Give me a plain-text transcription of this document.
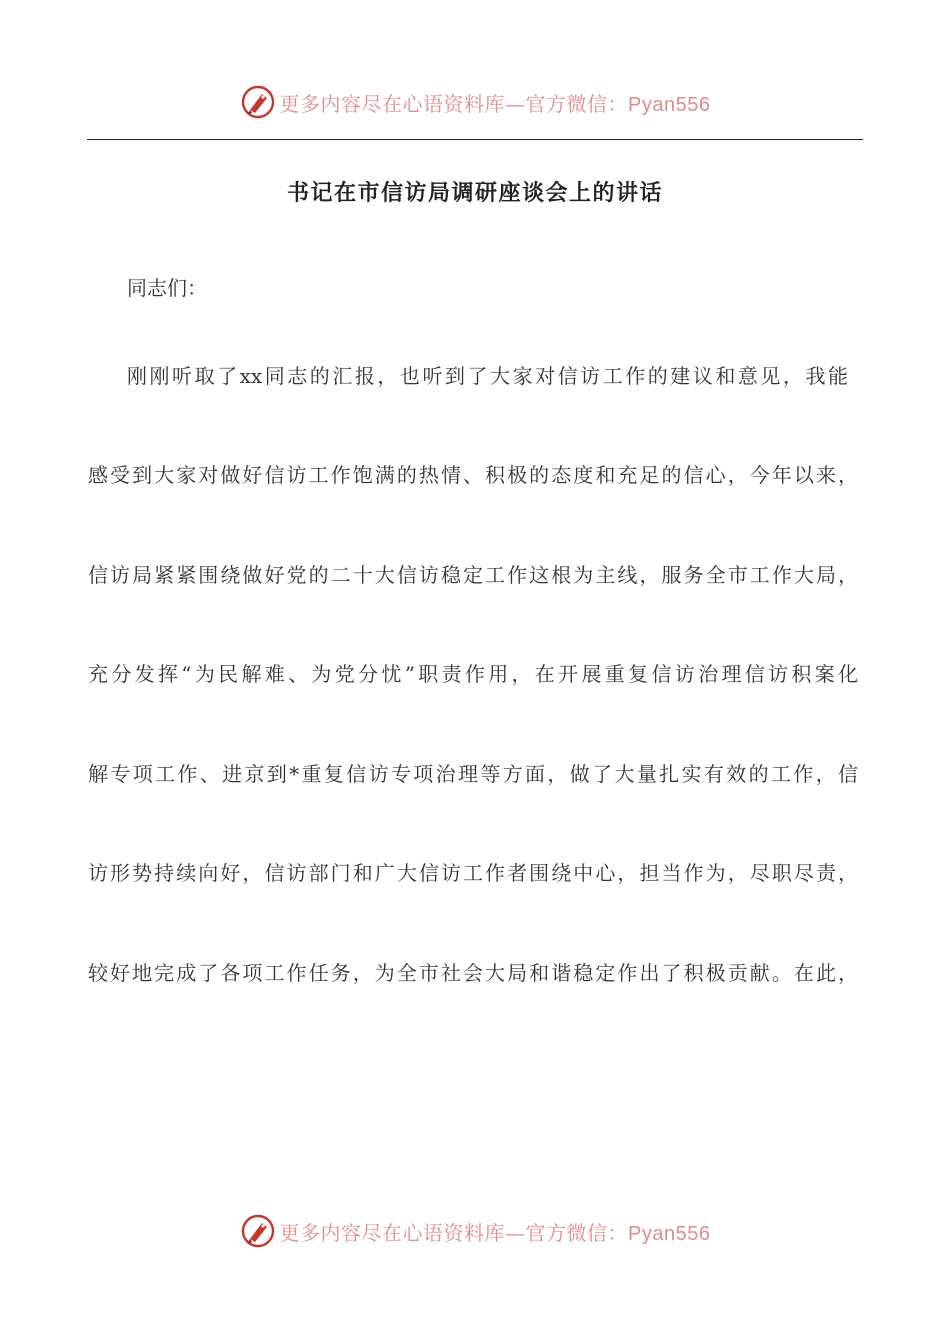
更多内容尽在心语资料库—官方微信：Pyan556
书记在市信访局调研座谈会上的讲话
同志们：
刚刚听取了xx同志的汇报，也听到了大家对信访工作的建议和意见，我能
感受到大家对做好信访工作饱满的热情、积极的态度和充足的信心，今年以来，
信访局紧紧围绕做好党的二十大信访稳定工作这根为主线，服务全市工作大局，
充分发挥“为民解难、为党分忧”职责作用，在开展重复信访治理信访积案化
解专项工作、进京到*重复信访专项治理等方面，做了大量扎实有效的工作，信
访形势持续向好，信访部门和广大信访工作者围绕中心，担当作为，尽职尽责，
较好地完成了各项工作任务，为全市社会大局和谐稳定作出了积极贡献。在此，
更多内容尽在心语资料库—官方微信：Pyan556
